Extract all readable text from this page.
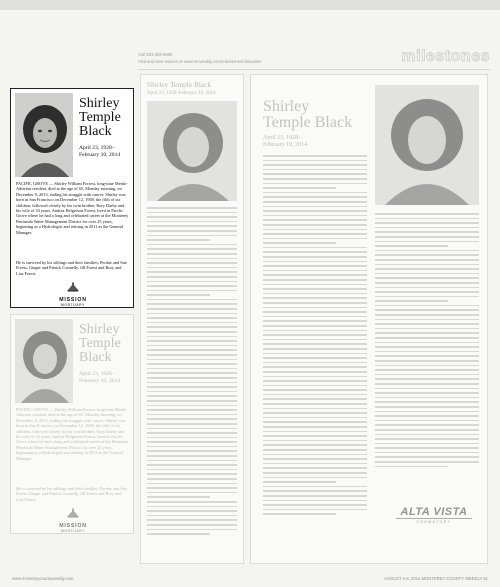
Call 831-394-5656
Visit and view notices at www.mcweekly.com/milestones/obituaries	milestones
Shirley
Temple
Black
April 23, 1928–
February 10, 2014
PACIFIC GROVE — Shirley William Forrest, long-time Menlo-Atherton resident, died at the age of 65, Monday morning, on December 9, 2013, ending his struggle with cancer. Shirley was born in San Francisco on December 12, 1949, the fifth of six children, followed closely by his twin brother, Rory Darby and his wife of 34 years, Andrea Helgerson Forest, lived in Pacific Grove where he had a long and celebrated career at the Monterey Peninsula Water Management District for over 25 years, beginning as a Hydrologist and retiring in 2011 as the General Manager.
He is survived by his siblings and their families, Perdue and Sue Forest, Ginger and Patrick Connelly, Jill Forest and Rory and Lisa Forest.
MISSION
MORTUARY
Shirley
Temple
Black
April 23, 1928–
February 10, 2014
PACIFIC GROVE — Shirley William Forrest, long-time Menlo-Atherton resident, died at the age of 65, Monday morning, on December 9, 2013, ending his struggle with cancer. Shirley was born in San Francisco on December 12, 1949, the fifth of six children, followed closely by his twin brother, Rory Darby and his wife of 34 years, Andrea Helgerson Forest, lived in Pacific Grove where he had a long and celebrated career at the Monterey Peninsula Water Management District for over 25 years, beginning as a Hydrologist and retiring in 2011 as the General Manager.
He is survived by his siblings and their families, Perdue and Sue Forest, Ginger and Patrick Connelly, Jill Forest and Rory and Lisa Forest.
MISSION
MORTUARY
Shirley Temple Black
April 23, 1928–February 10, 2014
Shirley
Temple Black
April 23, 1928–
February 10, 2014
ALTA VISTA
CREMATORY
www.montereycountyweekly.com	AUGUST 2-8, 2014 MONTEREY COUNTY WEEKLY 51
